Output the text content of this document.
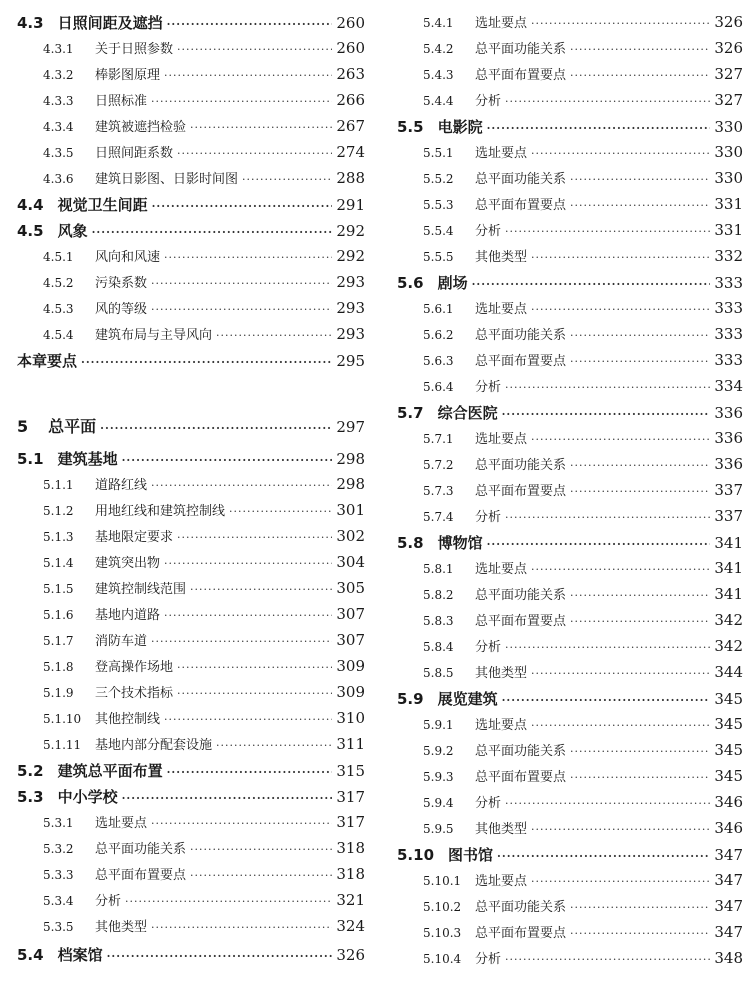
4.3 日照间距及遮挡 ·····	260
4.3.1	关于日照参数 ·····	260
4.3.2	棒影图原理 ·····	263
4.3.3	日照标准 ·····	266
4.3.4	建筑被遮挡检验 ·····	267
4.3.5	日照间距系数 ·····	274
4.3.6	建筑日影图、日影时间图 ·····	288
4.4 视觉卫生间距 ·····	291
4.5 风象 ·····	292
4.5.1	风向和风速 ·····	292
4.5.2	污染系数 ·····	293
4.5.3	风的等级 ·····	293
4.5.4	建筑布局与主导风向 ·····	293
本章要点 ·····	295
5 总平面 ·····	297
5.1 建筑基地 ·····	298
5.1.1	道路红线 ·····	298
5.1.2	用地红线和建筑控制线 ·····	301
5.1.3	基地限定要求 ·····	302
5.1.4	建筑突出物 ·····	304
5.1.5	建筑控制线范围 ·····	305
5.1.6	基地内道路 ·····	307
5.1.7	消防车道 ·····	307
5.1.8	登高操作场地 ·····	309
5.1.9	三个技术指标 ·····	309
5.1.10	其他控制线 ·····	310
5.1.11	基地内部分配套设施 ·····	311
5.2 建筑总平面布置 ·····	315
5.3 中小学校 ·····	317
5.3.1	选址要点 ·····	317
5.3.2	总平面功能关系 ·····	318
5.3.3	总平面布置要点 ·····	318
5.3.4	分析 ·····	321
5.3.5	其他类型 ·····	324
5.4 档案馆 ·····	326
5.4.1	选址要点 ·····	326
5.4.2	总平面功能关系 ·····	326
5.4.3	总平面布置要点 ·····	327
5.4.4	分析 ·····	327
5.5 电影院 ·····	330
5.5.1	选址要点 ·····	330
5.5.2	总平面功能关系 ·····	330
5.5.3	总平面布置要点 ·····	331
5.5.4	分析 ·····	331
5.5.5	其他类型 ·····	332
5.6 剧场 ·····	333
5.6.1	选址要点 ·····	333
5.6.2	总平面功能关系 ·····	333
5.6.3	总平面布置要点 ·····	333
5.6.4	分析 ·····	334
5.7 综合医院 ·····	336
5.7.1	选址要点 ·····	336
5.7.2	总平面功能关系 ·····	336
5.7.3	总平面布置要点 ·····	337
5.7.4	分析 ·····	337
5.8 博物馆 ·····	341
5.8.1	选址要点 ·····	341
5.8.2	总平面功能关系 ·····	341
5.8.3	总平面布置要点 ·····	342
5.8.4	分析 ·····	342
5.8.5	其他类型 ·····	344
5.9 展览建筑 ·····	345
5.9.1	选址要点 ·····	345
5.9.2	总平面功能关系 ·····	345
5.9.3	总平面布置要点 ·····	345
5.9.4	分析 ·····	346
5.9.5	其他类型 ·····	346
5.10 图书馆 ·····	347
5.10.1	选址要点 ·····	347
5.10.2	总平面功能关系 ·····	347
5.10.3	总平面布置要点 ·····	347
5.10.4	分析 ·····	348
